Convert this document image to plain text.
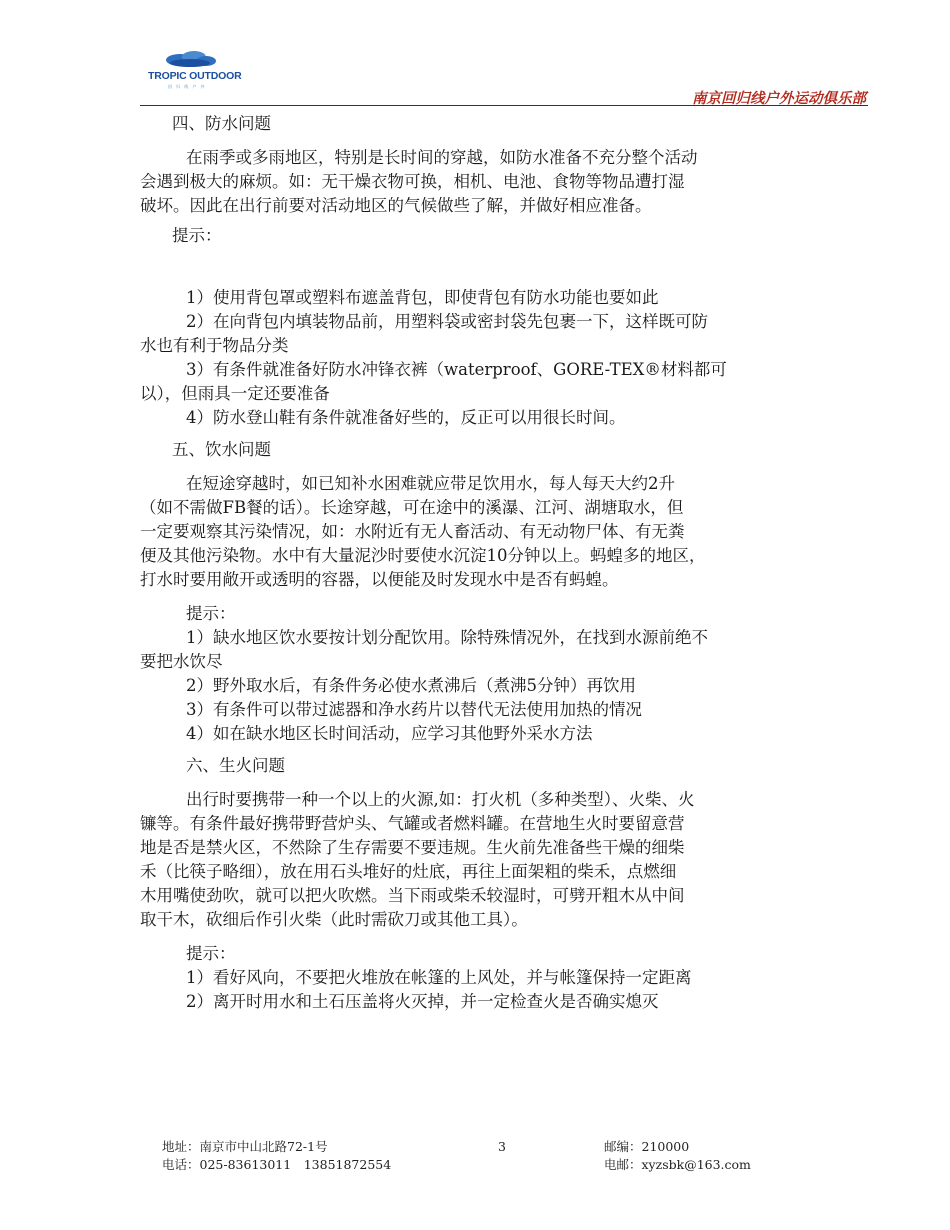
TROPIC OUTDOOR
回 归 线 户 外
南京回归线户外运动俱乐部
四、防水问题
在雨季或多雨地区，特别是长时间的穿越，如防水准备不充分整个活动
会遇到极大的麻烦。如：无干燥衣物可换，相机、电池、食物等物品遭打湿
破坏。因此在出行前要对活动地区的气候做些了解，并做好相应准备。
提示：
1）使用背包罩或塑料布遮盖背包，即使背包有防水功能也要如此
2）在向背包内填装物品前，用塑料袋或密封袋先包裹一下，这样既可防
水也有利于物品分类
3）有条件就准备好防水冲锋衣裤（waterproof、GORE-TEX®材料都可
以），但雨具一定还要准备
4）防水登山鞋有条件就准备好些的，反正可以用很长时间。
五、饮水问题
在短途穿越时，如已知补水困难就应带足饮用水，每人每天大约2升
（如不需做FB餐的话）。长途穿越，可在途中的溪瀑、江河、湖塘取水，但
一定要观察其污染情况，如：水附近有无人畜活动、有无动物尸体、有无粪
便及其他污染物。水中有大量泥沙时要使水沉淀10分钟以上。蚂蝗多的地区，
打水时要用敞开或透明的容器，以便能及时发现水中是否有蚂蝗。
提示：
1）缺水地区饮水要按计划分配饮用。除特殊情况外，在找到水源前绝不
要把水饮尽
2）野外取水后，有条件务必使水煮沸后（煮沸5分钟）再饮用
3）有条件可以带过滤器和净水药片以替代无法使用加热的情况
4）如在缺水地区长时间活动，应学习其他野外采水方法
六、生火问题
出行时要携带一种一个以上的火源,如：打火机（多种类型）、火柴、火
镰等。有条件最好携带野营炉头、气罐或者燃料罐。在营地生火时要留意营
地是否是禁火区，不然除了生存需要不要违规。生火前先准备些干燥的细柴
禾（比筷子略细），放在用石头堆好的灶底，再往上面架粗的柴禾，点燃细
木用嘴使劲吹，就可以把火吹燃。当下雨或柴禾较湿时，可劈开粗木从中间
取干木，砍细后作引火柴（此时需砍刀或其他工具）。
提示：
1）看好风向，不要把火堆放在帐篷的上风处，并与帐篷保持一定距离
2）离开时用水和土石压盖将火灭掉，并一定检查火是否确实熄灭
地址：南京市中山北路72-1号
电话：025-83613011　13851872554
3	邮编：210000
电邮：xyzsbk@163.com
